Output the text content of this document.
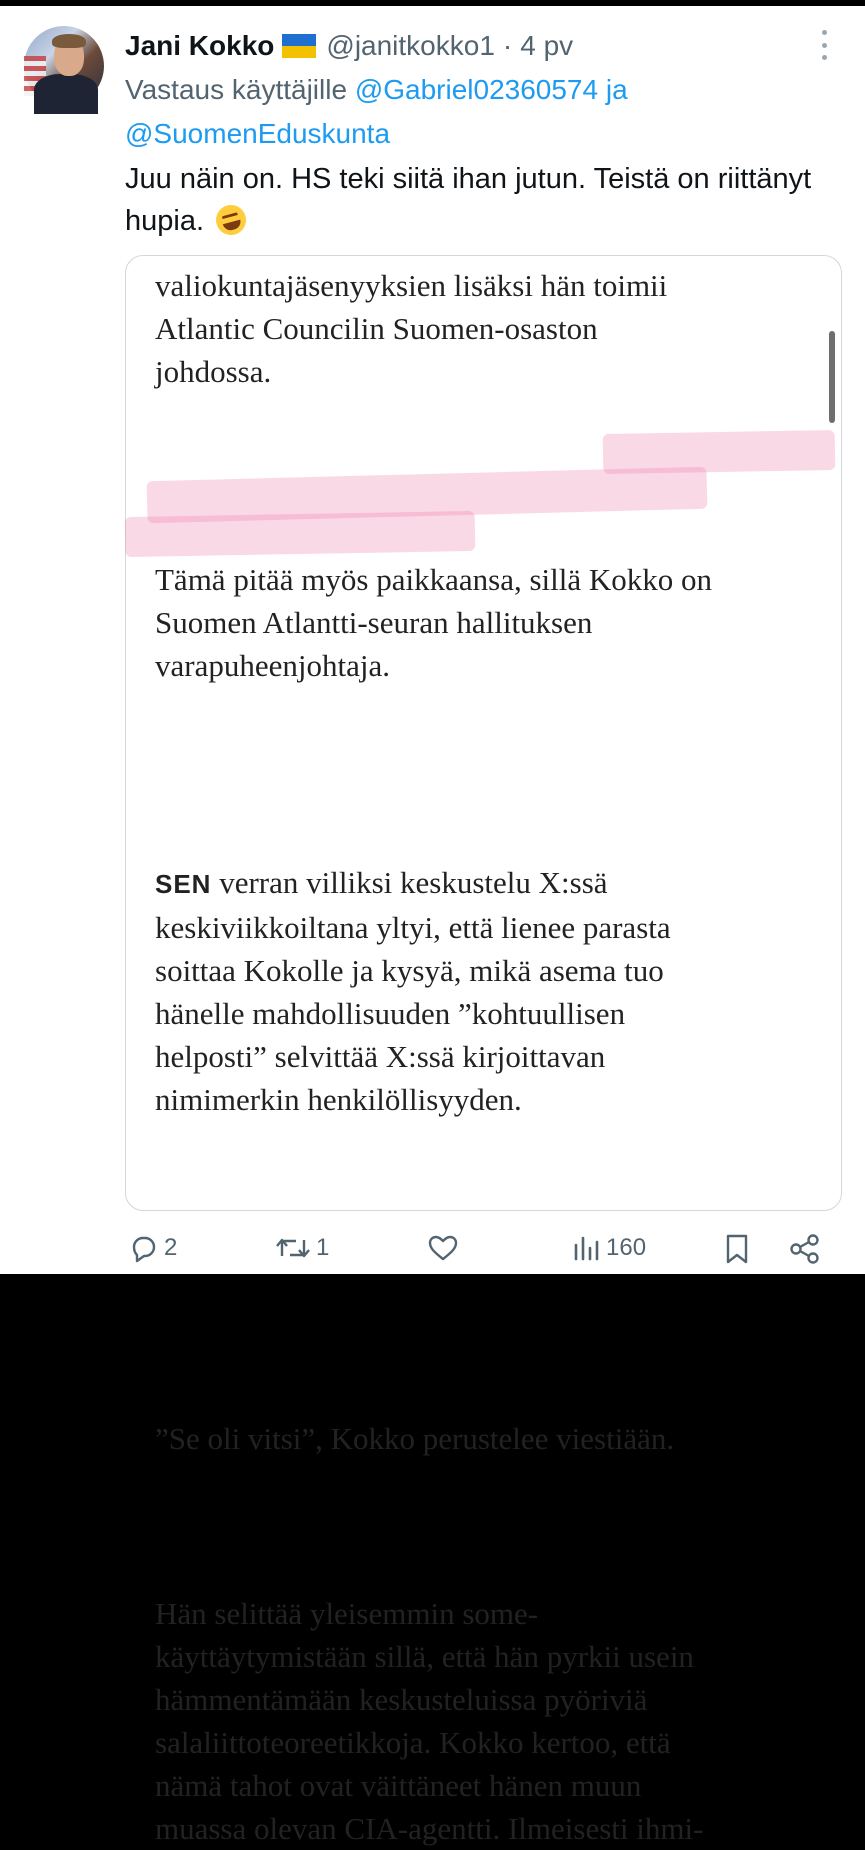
Jani Kokko @janitkokko1 · 4 pv
Vastaus käyttäjille @Gabriel02360574 ja
@SuomenEduskunta
Juu näin on. HS teki siitä ihan jutun. Teistä on riittänyt hupia.

valiokuntajäsenyyksien lisäksi hän toimii
Atlantic Councilin Suomen-osaston
johdossa.

Tämä pitää myös paikkaansa, sillä Kokko on
Suomen Atlantti-seuran hallituksen
varapuheenjohtaja.

SEN verran villiksi keskustelu X:ssä
keskiviikkoiltana yltyi, että lienee parasta
soittaa Kokolle ja kysyä, mikä asema tuo
hänelle mahdollisuuden ”kohtuullisen
helposti” selvittää X:ssä kirjoittavan
nimimerkin henkilöllisyyden.

”Se oli vitsi”, Kokko perustelee viestiään.

Hän selittää yleisemmin some-
käyttäytymistään sillä, että hän pyrkii usein
hämmentämään keskusteluissa pyöriviä
salaliittoteoreetikkoja. Kokko kertoo, että
nämä tahot ovat väittäneet hänen muun
muassa olevan CIA-agentti. Ilmeisesti ihmi-

2	1	160
